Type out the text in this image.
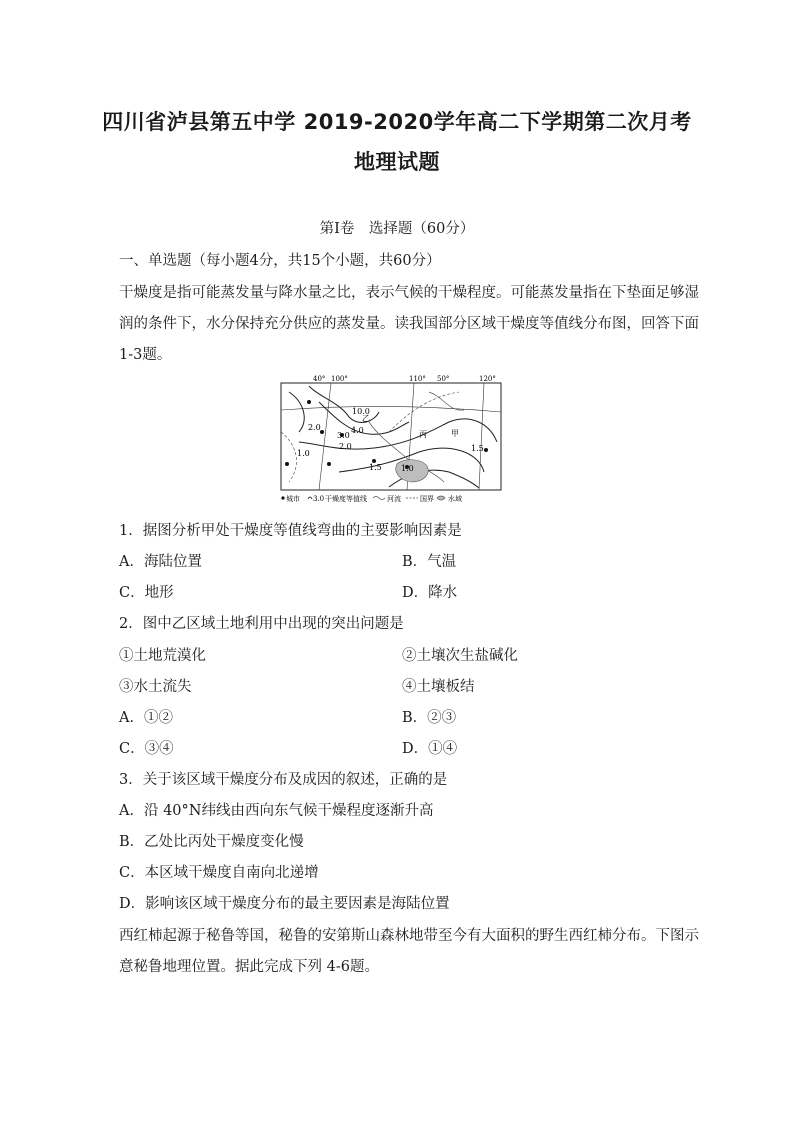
四川省泸县第五中学 2019-2020学年高二下学期第二次月考
地理试题
第Ⅰ卷　选择题（60分）
一、单选题（每小题4分，共15个小题，共60分）
干燥度是指可能蒸发量与降水量之比，表示气候的干燥程度。可能蒸发量指在下垫面足够湿
润的条件下，水分保持充分供应的蒸发量。读我国部分区域干燥度等值线分布图，回答下面
1-3题。
40° 100°	110° 50°	120°
10.0
4.0
3.0
2.0
2.0
1.5
1.5
1.0
1.0
乙
丙	甲
城市 3.0 干燥度等值线	河流	国界 水域
1．据图分析甲处干燥度等值线弯曲的主要影响因素是
A．海陆位置	B．气温
C．地形	D．降水
2．图中乙区域土地利用中出现的突出问题是
①土地荒漠化	②土壤次生盐碱化
③水土流失	④土壤板结
A．①②	B．②③
C．③④	D．①④
3．关于该区域干燥度分布及成因的叙述，正确的是
A．沿 40°N纬线由西向东气候干燥程度逐渐升高
B．乙处比丙处干燥度变化慢
C．本区域干燥度自南向北递增
D．影响该区域干燥度分布的最主要因素是海陆位置
西红柿起源于秘鲁等国，秘鲁的安第斯山森林地带至今有大面积的野生西红柿分布。下图示
意秘鲁地理位置。据此完成下列 4-6题。
